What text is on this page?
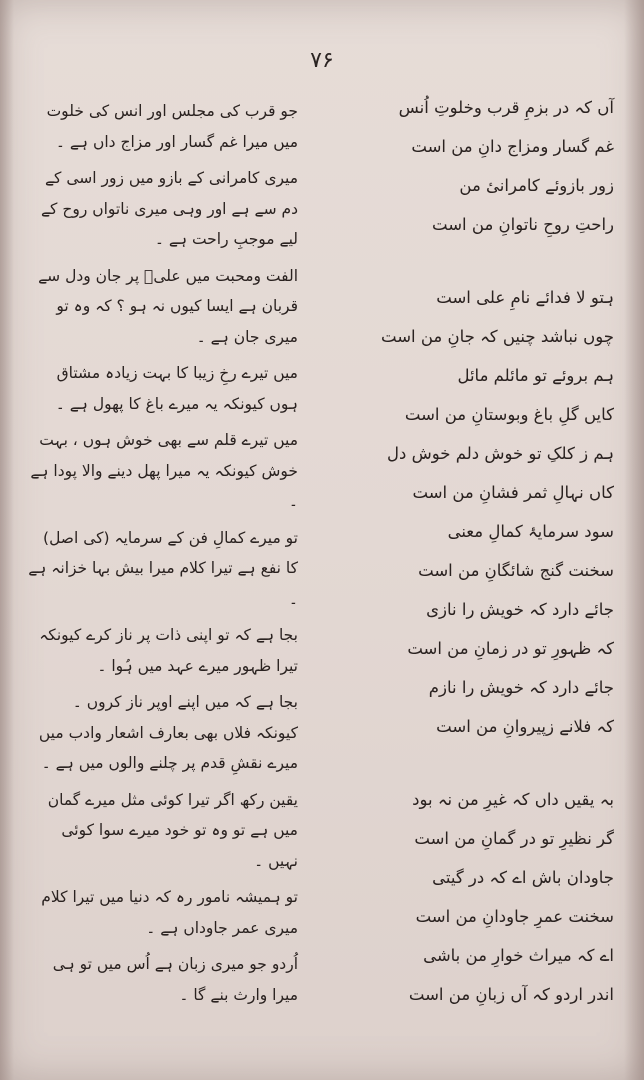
۷۶
آں کہ در بزمِ قرب وخلوتِ اُنس
غم گسار ومزاج دانِ من است
زور بازوئے کامرانیٔ من
راحتِ روحِ ناتوانِ من است
ہتو لا فدائے نامِ علی است
چوں نباشد چنیں کہ جانِ من است
ہم بروئے تو مائلم مائل
کایں گلِ باغ وبوستانِ من است
ہم ز کلکِ تو خوش دلم خوش دل
کاں نہالِ ثمر فشانِ من است
سود سرمایۂ کمالِ معنی
سخنت گنج شائگانِ من است
جائے دارد کہ خویش را نازی
کہ ظہورِ تو در زمانِ من است
جائے دارد کہ خویش را نازم
کہ فلانے زپیروانِ من است
بہ یقیں داں کہ غیرِ من نہ بود
گر نظیرِ تو در گمانِ من است
جاودان باش اے کہ در گیتی
سخنت عمرِ جاودانِ من است
اے کہ میراث خوارِ من باشی
اندر اردو کہ آں زبانِ من است

جو قرب کی مجلس اور انس کی خلوت میں میرا غم گسار اور مزاج داں ہے ۔

میری کامرانی کے بازو میں زور اسی کے دم سے ہے اور وہی میری ناتواں روح کے لیے موجبِ راحت ہے ۔

الفت ومحبت میں علیؑ پر جان ودل سے قربان ہے ایسا کیوں نہ ہو ؟ کہ وہ تو میری جان ہے ۔

میں تیرے رخِ زیبا کا بہت زیادہ مشتاق ہوں کیونکہ یہ میرے باغ کا پھول ہے ۔

میں تیرے قلم سے بھی خوش ہوں ، بہت خوش کیونکہ یہ میرا پھل دینے والا پودا ہے ۔

تو میرے کمالِ فن کے سرمایہ (کی اصل) کا نفع ہے تیرا کلام میرا بیش بہا خزانہ ہے ۔

بجا ہے کہ تو اپنی ذات پر ناز کرے کیونکہ تیرا ظہور میرے عہد میں ہُوا ۔

بجا ہے کہ میں اپنے اوپر ناز کروں ۔ کیونکہ فلاں بھی بعارف اشعار وادب میں میرے نقشِ قدم پر چلنے والوں میں ہے ۔

یقین رکھ اگر تیرا کوئی مثل میرے گمان میں ہے تو وہ تو خود میرے سوا کوئی نہیں ۔

تو ہمیشہ نامور رہ کہ دنیا میں تیرا کلام میری عمر جاوداں ہے ۔

اُردو جو میری زبان ہے اُس میں تو ہی میرا وارث بنے گا ۔
